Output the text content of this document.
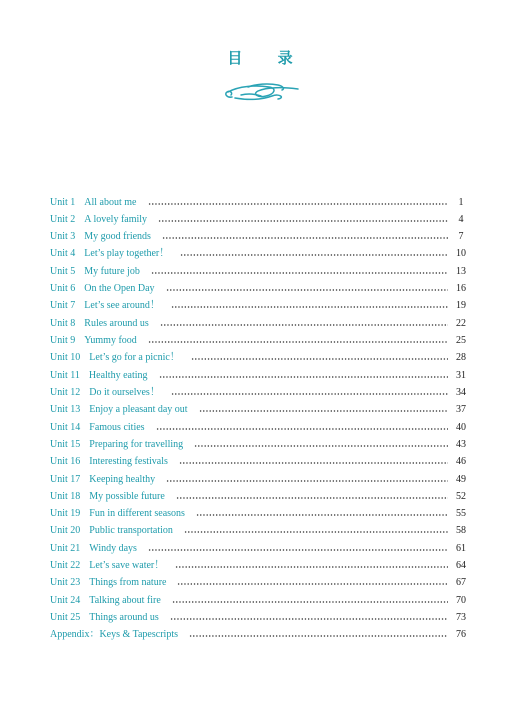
目 录
Unit 1 All about me	1
Unit 2 A lovely family	4
Unit 3 My good friends	7
Unit 4 Let’s play together！	10
Unit 5 My future job	13
Unit 6 On the Open Day	16
Unit 7 Let’s see around！	19
Unit 8 Rules around us	22
Unit 9 Yummy food	25
Unit 10 Let’s go for a picnic！	28
Unit 11 Healthy eating	31
Unit 12 Do it ourselves！	34
Unit 13 Enjoy a pleasant day out	37
Unit 14 Famous cities	40
Unit 15 Preparing for travelling	43
Unit 16 Interesting festivals	46
Unit 17 Keeping healthy	49
Unit 18 My possible future	52
Unit 19 Fun in different seasons	55
Unit 20 Public transportation	58
Unit 21 Windy days	61
Unit 22 Let’s save water！	64
Unit 23 Things from nature	67
Unit 24 Talking about fire	70
Unit 25 Things around us	73
Appendix：Keys & Tapescripts	76
